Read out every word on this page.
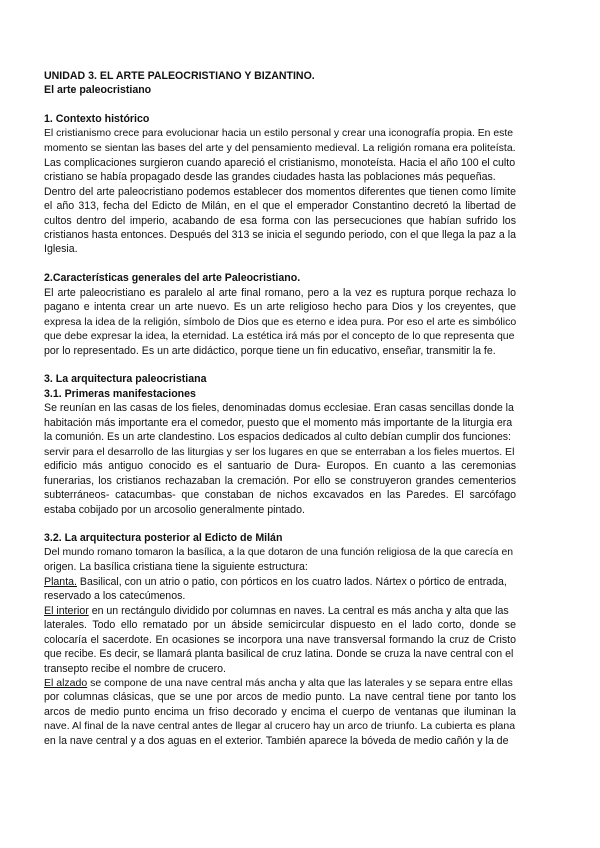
UNIDAD 3. EL ARTE PALEOCRISTIANO Y BIZANTINO.
El arte paleocristiano
1. Contexto histórico
El cristianismo crece para evolucionar hacia un estilo personal y crear una iconografía propia. En este
momento se sientan las bases del arte y del pensamiento medieval. La religión romana era politeísta.
Las complicaciones surgieron cuando apareció el cristianismo, monoteísta. Hacia el año 100 el culto
cristiano se había propagado desde las grandes ciudades hasta las poblaciones más pequeñas.
Dentro del arte paleocristiano podemos establecer dos momentos diferentes que tienen como límite
el año 313, fecha del Edicto de Milán, en el que el emperador Constantino decretó la libertad de
cultos dentro del imperio, acabando de esa forma con las persecuciones que habían sufrido los
cristianos hasta entonces. Después del 313 se inicia el segundo periodo, con el que llega la paz a la
Iglesia.
2.Características generales del arte Paleocristiano.
El arte paleocristiano es paralelo al arte final romano, pero a la vez es ruptura porque rechaza lo
pagano e intenta crear un arte nuevo. Es un arte religioso hecho para Dios y los creyentes, que
expresa la idea de la religión, símbolo de Dios que es eterno e idea pura. Por eso el arte es simbólico
que debe expresar la idea, la eternidad. La estética irá más por el concepto de lo que representa que
por lo representado. Es un arte didáctico, porque tiene un fin educativo, enseñar, transmitir la fe.
3. La arquitectura paleocristiana
3.1. Primeras manifestaciones
Se reunían en las casas de los fieles, denominadas domus ecclesiae. Eran casas sencillas donde la
habitación más importante era el comedor, puesto que el momento más importante de la liturgia era
la comunión. Es un arte clandestino. Los espacios dedicados al culto debían cumplir dos funciones:
servir para el desarrollo de las liturgias y ser los lugares en que se enterraban a los fieles muertos. El
edificio más antiguo conocido es el santuario de Dura- Europos. En cuanto a las ceremonias
funerarias, los cristianos rechazaban la cremación. Por ello se construyeron grandes cementerios
subterráneos- catacumbas- que constaban de nichos excavados en las Paredes. El sarcófago
estaba cobijado por un arcosolio generalmente pintado.
3.2. La arquitectura posterior al Edicto de Milán
Del mundo romano tomaron la basílica, a la que dotaron de una función religiosa de la que carecía en
origen. La basílica cristiana tiene la siguiente estructura:
Planta. Basilical, con un atrio o patio, con pórticos en los cuatro lados. Nártex o pórtico de entrada,
reservado a los catecúmenos.
El interior en un rectángulo dividido por columnas en naves. La central es más ancha y alta que las
laterales. Todo ello rematado por un ábside semicircular dispuesto en el lado corto, donde se
colocaría el sacerdote. En ocasiones se incorpora una nave transversal formando la cruz de Cristo
que recibe. Es decir, se llamará planta basilical de cruz latina. Donde se cruza la nave central con el
transepto recibe el nombre de crucero.
El alzado se compone de una nave central más ancha y alta que las laterales y se separa entre ellas
por columnas clásicas, que se une por arcos de medio punto. La nave central tiene por tanto los
arcos de medio punto encima un friso decorado y encima el cuerpo de ventanas que iluminan la
nave. Al final de la nave central antes de llegar al crucero hay un arco de triunfo. La cubierta es plana
en la nave central y a dos aguas en el exterior. También aparece la bóveda de medio cañón y la de
